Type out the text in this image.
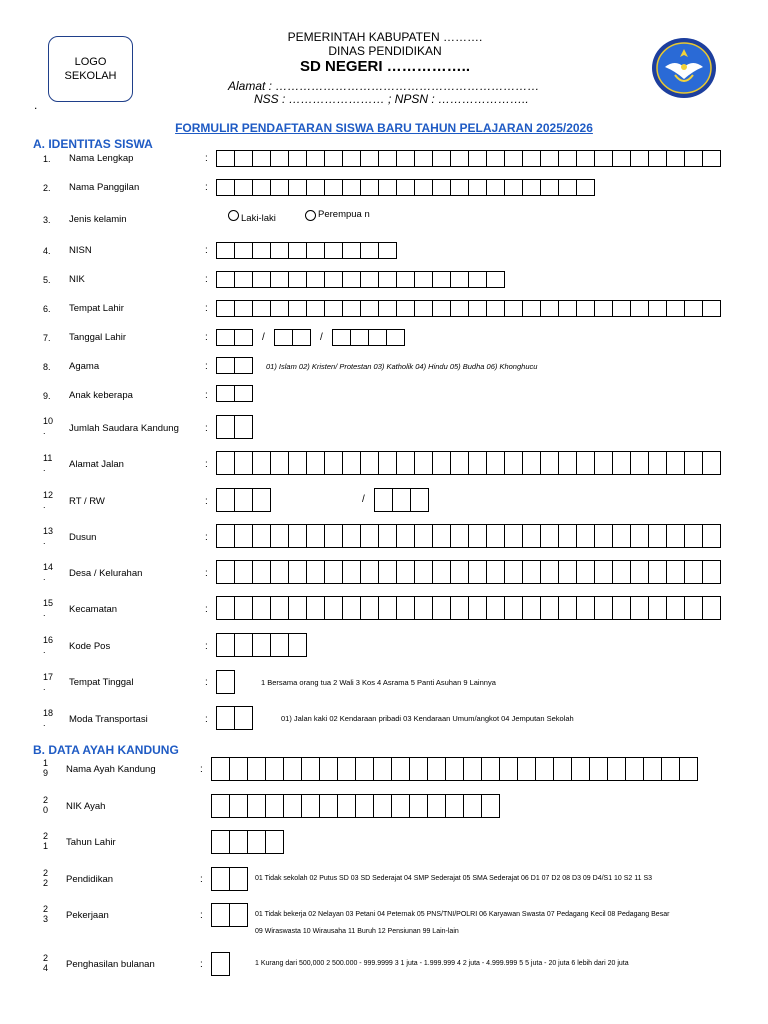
LOGO
SEKOLAH
.
PEMERINTAH KABUPATEN ……….
DINAS PENDIDIKAN
SD NEGERI ……………..
Alamat : …………………………………………………………
NSS : …………………… ; NPSN : …………………..
FORMULIR PENDAFTARAN SISWA BARU TAHUN PELAJARAN 2025/2026
A. IDENTITAS SISWA
1.	Nama Lengkap	:
2.	Nama Panggilan	:
3.	Jenis kelamin	Laki-laki	Perempua n
4.	NISN	:
5.	NIK	:
6.	Tempat Lahir	:
7.	Tanggal Lahir	:	/	/
8.	Agama	:	01) Islam 02) Kristen/ Protestan 03) Katholik 04) Hindu 05) Budha 06) Khonghucu
9.	Anak keberapa	:
10 .	Jumlah Saudara Kandung	:
11 .	Alamat Jalan	:
12 .	RT / RW	:	/
13 .	Dusun	:
14 .	Desa / Kelurahan	:
15 .	Kecamatan	:
16 .	Kode Pos	:
17 .	Tempat Tinggal	:	1 Bersama orang tua 2 Wali 3 Kos 4 Asrama 5 Panti Asuhan 9 Lainnya
18 .	Moda Transportasi	:	01) Jalan kaki 02 Kendaraan pribadi 03 Kendaraan Umum/angkot 04 Jemputan Sekolah
B. DATA AYAH KANDUNG
1 9	Nama Ayah Kandung	:
2 0	NIK Ayah
2 1	Tahun Lahir
2 2	Pendidikan	:	01 Tidak sekolah 02 Putus SD 03 SD Sederajat 04 SMP Sederajat 05 SMA Sederajat 06 D1 07 D2 08 D3 09 D4/S1 10 S2 11 S3
2 3	Pekerjaan	:	01 Tidak bekerja 02 Nelayan 03 Petani 04 Peternak 05 PNS/TNI/POLRI 06 Karyawan Swasta 07 Pedagang Kecil 08 Pedagang Besar
09 Wiraswasta 10 Wirausaha 11 Buruh 12 Pensiunan 99 Lain-lain
2 4	Penghasilan bulanan	:	1 Kurang dari 500,000 2 500.000 - 999.9999 3 1 juta - 1.999.999 4 2 juta - 4.999.999 5 5 juta - 20 juta 6 lebih dari 20 juta
